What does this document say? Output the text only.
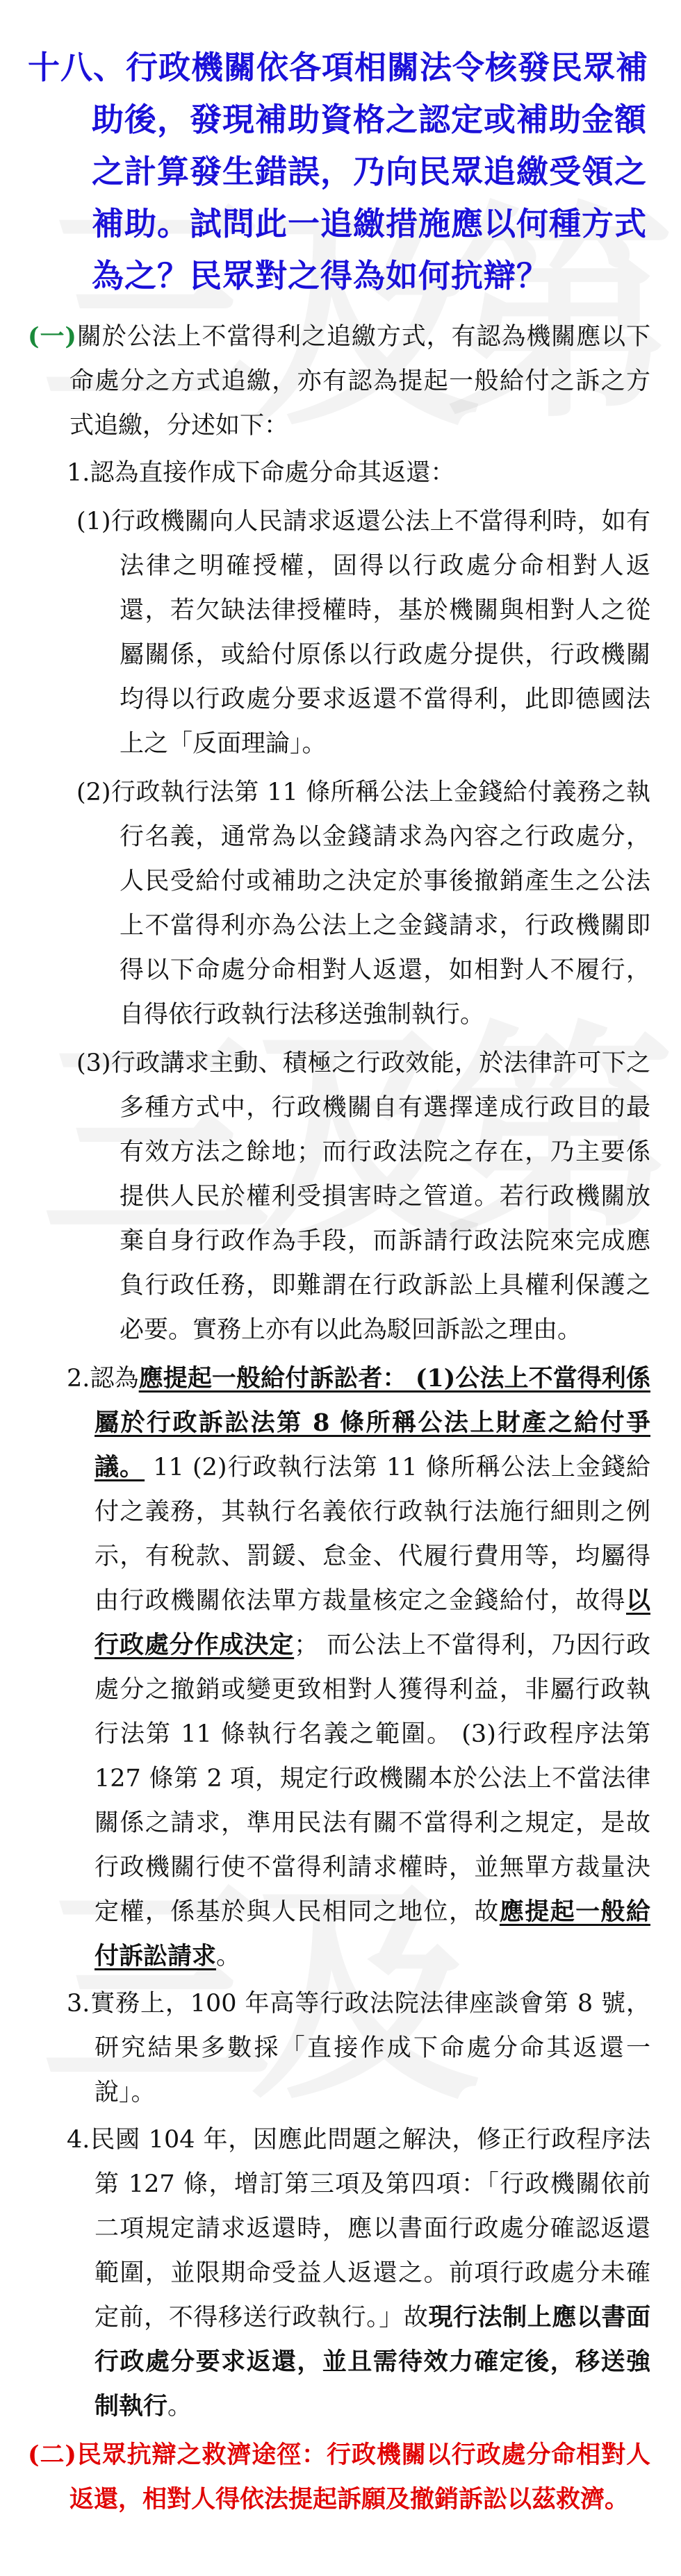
十八、行政機關依各項相關法令核發民眾補助後，發現補助資格之認定或補助金額之計算發生錯誤，乃向民眾追繳受領之補助。試問此一追繳措施應以何種方式為之？民眾對之得為如何抗辯？

(一)關於公法上不當得利之追繳方式，有認為機關應以下命處分之方式追繳，亦有認為提起一般給付之訴之方式追繳，分述如下：

1.認為直接作成下命處分命其返還：

(1)行政機關向人民請求返還公法上不當得利時，如有法律之明確授權，固得以行政處分命相對人返還，若欠缺法律授權時，基於機關與相對人之從屬關係，或給付原係以行政處分提供，行政機關均得以行政處分要求返還不當得利，此即德國法上之「反面理論」。

(2)行政執行法第 11 條所稱公法上金錢給付義務之執行名義，通常為以金錢請求為內容之行政處分，人民受給付或補助之決定於事後撤銷產生之公法上不當得利亦為公法上之金錢請求，行政機關即得以下命處分命相對人返還，如相對人不履行，自得依行政執行法移送強制執行。

(3)行政講求主動、積極之行政效能，於法律許可下之多種方式中，行政機關自有選擇達成行政目的最有效方法之餘地；而行政法院之存在，乃主要係提供人民於權利受損害時之管道。若行政機關放棄自身行政作為手段，而訴請行政法院來完成應負行政任務，即難謂在行政訴訟上具權利保護之必要。實務上亦有以此為駁回訴訟之理由。

2.認為應提起一般給付訴訟者： (1)公法上不當得利係屬於行政訴訟法第 8 條所稱公法上財產之給付爭議。 11 (2)行政執行法第 11 條所稱公法上金錢給付之義務，其執行名義依行政執行法施行細則之例示，有稅款、罰鍰、怠金、代履行費用等，均屬得由行政機關依法單方裁量核定之金錢給付，故得以行政處分作成決定； 而公法上不當得利，乃因行政處分之撤銷或變更致相對人獲得利益，非屬行政執行法第 11 條執行名義之範圍。 (3)行政程序法第 127 條第 2 項，規定行政機關本於公法上不當法律關係之請求，準用民法有關不當得利之規定，是故行政機關行使不當得利請求權時，並無單方裁量決定權，係基於與人民相同之地位，故應提起一般給付訴訟請求。

3.實務上，100 年高等行政法院法律座談會第 8 號，研究結果多數採「直接作成下命處分命其返還一說」。

4.民國 104 年，因應此問題之解決，修正行政程序法第 127 條，增訂第三項及第四項：「行政機關依前二項規定請求返還時，應以書面行政處分確認返還範圍，並限期命受益人返還之。前項行政處分未確定前，不得移送行政執行。」故現行法制上應以書面行政處分要求返還，並且需待效力確定後，移送強制執行。

(二)民眾抗辯之救濟途徑：行政機關以行政處分命相對人返還，相對人得依法提起訴願及撤銷訴訟以茲救濟。
